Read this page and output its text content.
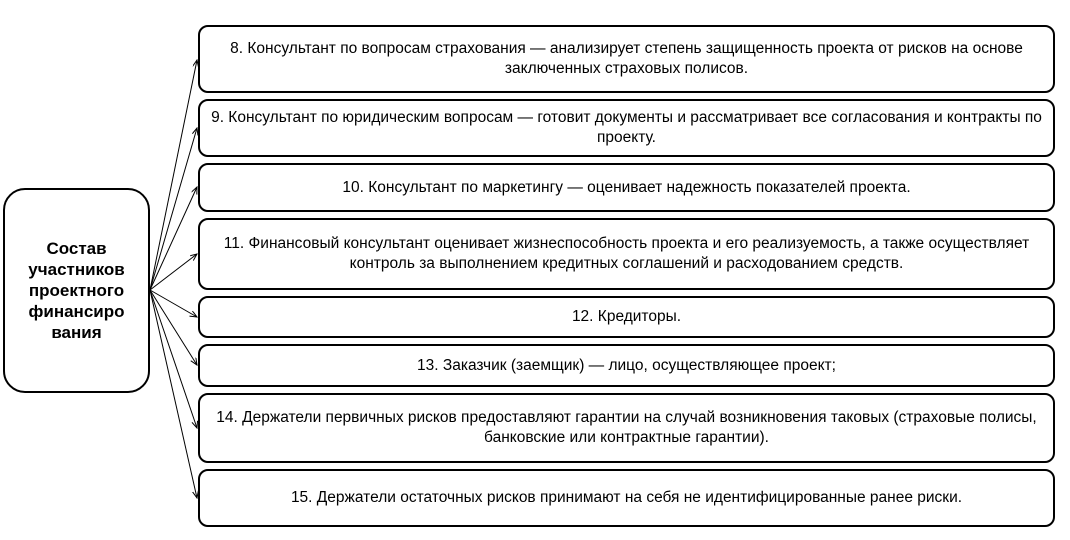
Состав
участников
проектного
финансиро
вания
8. Консультант по вопросам страхования — анализирует степень защищенность проекта от рисков на основе заключенных страховых полисов.
9. Консультант по юридическим вопросам — готовит документы и рассматривает все согласования и контракты по проекту.
10. Консультант по маркетингу — оценивает надежность показателей проекта.
11. Финансовый консультант оценивает жизнеспособность проекта и его реализуемость, а также осуществляет контроль за выполнением кредитных соглашений и расходованием средств.
12. Кредиторы.
13. Заказчик (заемщик) — лицо, осуществляющее проект;
14. Держатели первичных рисков предоставляют гарантии на случай возникновения таковых (страховые полисы, банковские или контрактные гарантии).
15. Держатели остаточных рисков принимают на себя не идентифицированные ранее риски.
